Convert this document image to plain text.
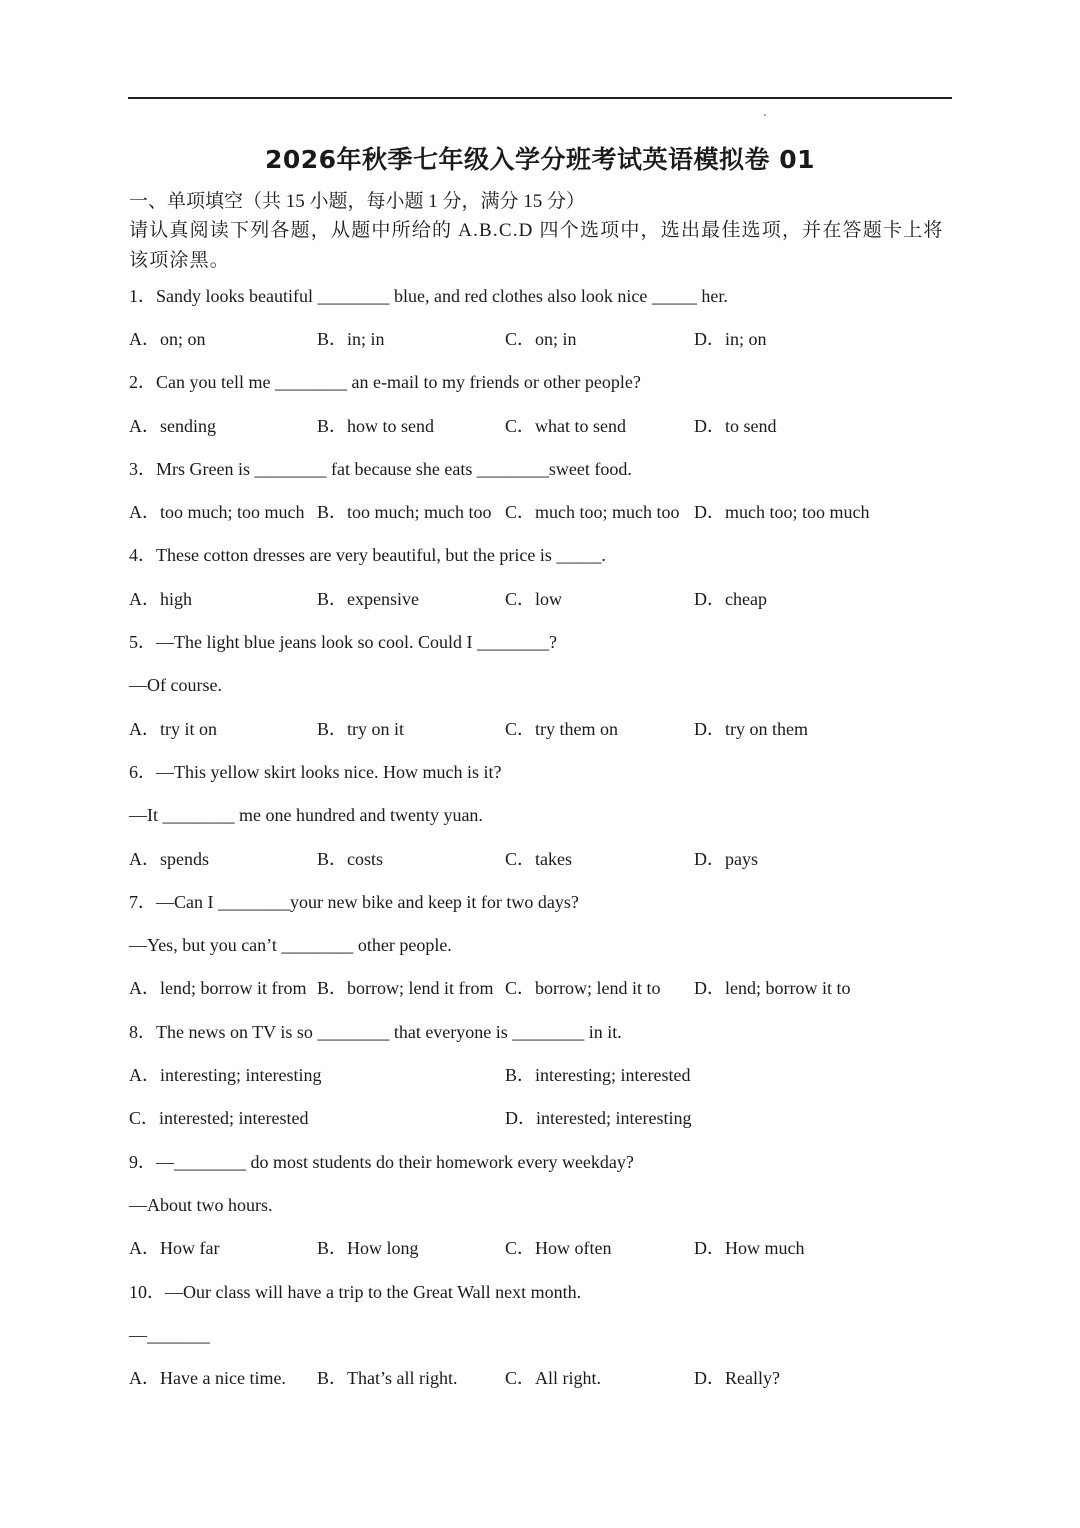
2026年秋季七年级入学分班考试英语模拟卷 01
一、单项填空（共 15 小题，每小题 1 分，满分 15 分）
请认真阅读下列各题，从题中所给的 A.B.C.D 四个选项中，选出最佳选项，并在答题卡上将该项涂黑。
1．Sandy looks beautiful ________ blue, and red clothes also look nice _____ her.
A．on; on	B．in; in	C．on; in	D．in; on
2．Can you tell me ________ an e-mail to my friends or other people?
A．sending	B．how to send	C．what to send	D．to send
3．Mrs Green is ________ fat because she eats ________sweet food.
A．too much; too much B．too much; much too C．much too; much too D．much too; too much
4．These cotton dresses are very beautiful, but the price is _____.
A．high	B．expensive	C．low	D．cheap
5．—The light blue jeans look so cool. Could I ________?
—Of course.
A．try it on	B．try on it	C．try them on	D．try on them
6．—This yellow skirt looks nice. How much is it?
—It ________ me one hundred and twenty yuan.
A．spends	B．costs	C．takes	D．pays
7．—Can I ________your new bike and keep it for two days?
—Yes, but you can’t ________ other people.
A．lend; borrow it from B．borrow; lend it from C．borrow; lend it to D．lend; borrow it to
8．The news on TV is so ________ that everyone is ________ in it.
A．interesting; interesting	B．interesting; interested
C．interested; interested	D．interested; interesting
9．—________ do most students do their homework every weekday?
—About two hours.
A．How far	B．How long	C．How often	D．How much
10．—Our class will have a trip to the Great Wall next month.
—_______
A．Have a nice time. B．That’s all right.	C．All right.	D．Really?
